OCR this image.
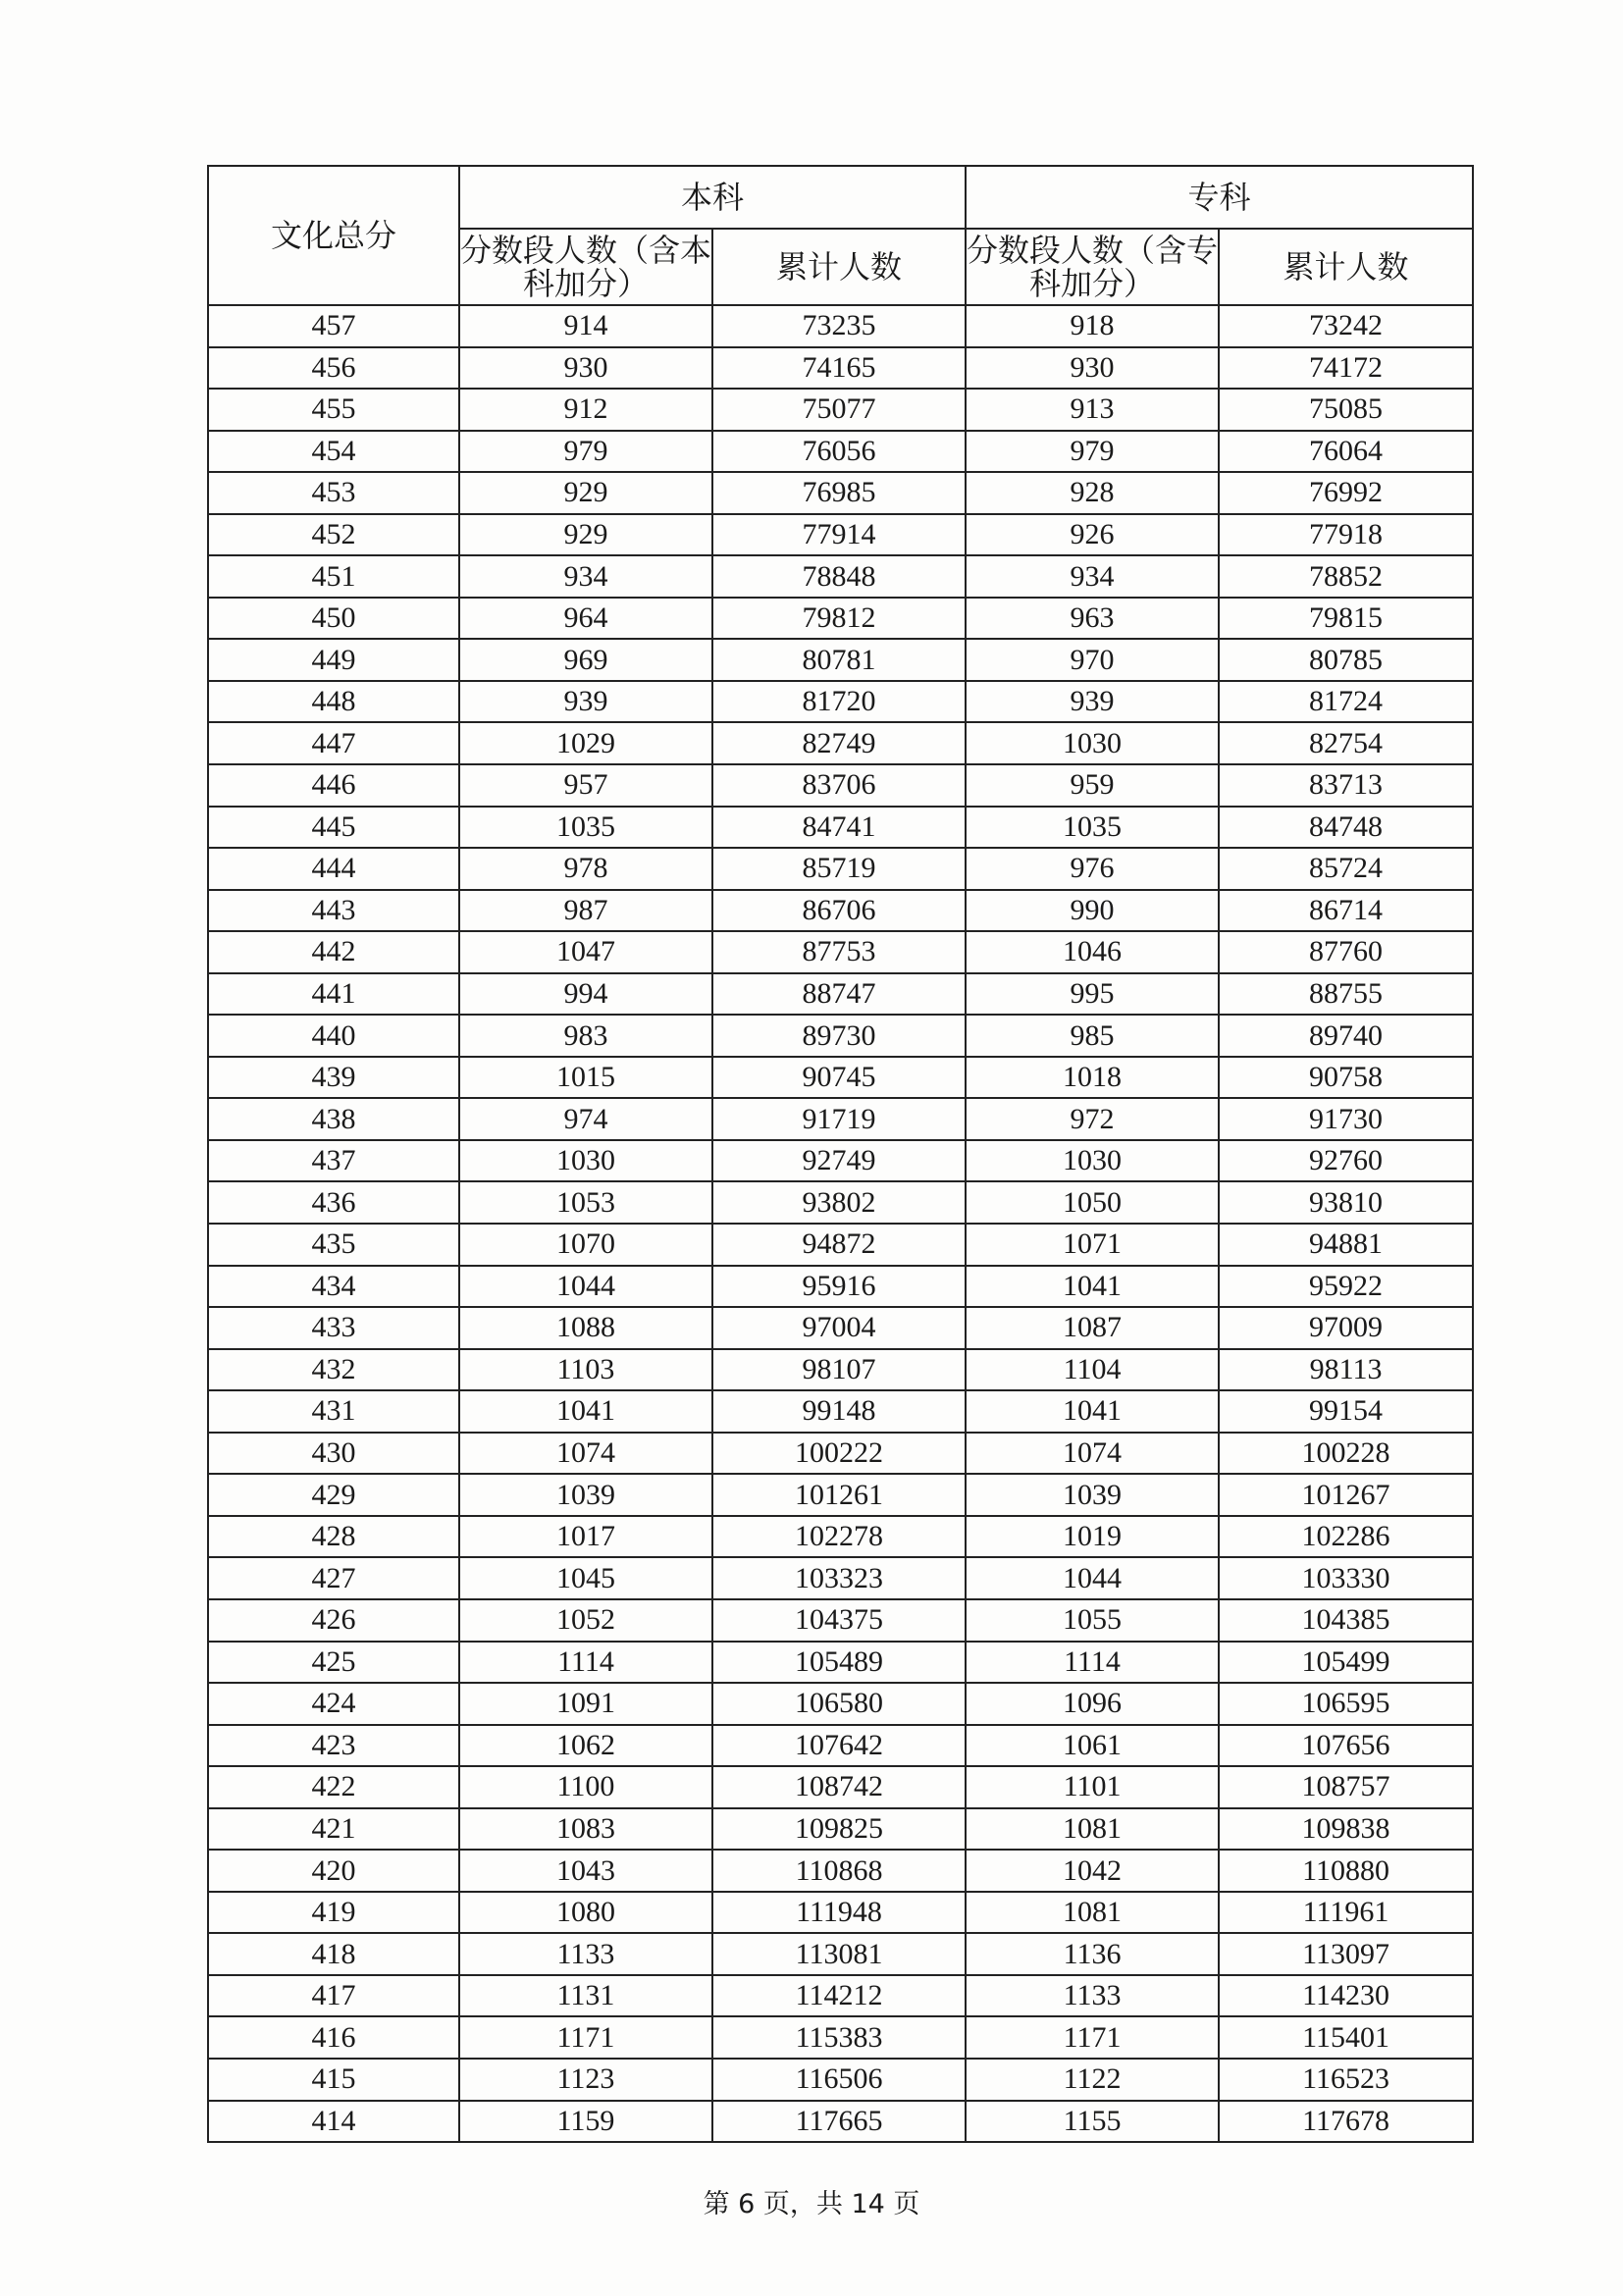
文化总分	本科		专科	
	分数段人数（含本科加分）	累计人数	分数段人数（含专科加分）	累计人数
457	914	73235	918	73242
456	930	74165	930	74172
455	912	75077	913	75085
454	979	76056	979	76064
453	929	76985	928	76992
452	929	77914	926	77918
451	934	78848	934	78852
450	964	79812	963	79815
449	969	80781	970	80785
448	939	81720	939	81724
447	1029	82749	1030	82754
446	957	83706	959	83713
445	1035	84741	1035	84748
444	978	85719	976	85724
443	987	86706	990	86714
442	1047	87753	1046	87760
441	994	88747	995	88755
440	983	89730	985	89740
439	1015	90745	1018	90758
438	974	91719	972	91730
437	1030	92749	1030	92760
436	1053	93802	1050	93810
435	1070	94872	1071	94881
434	1044	95916	1041	95922
433	1088	97004	1087	97009
432	1103	98107	1104	98113
431	1041	99148	1041	99154
430	1074	100222	1074	100228
429	1039	101261	1039	101267
428	1017	102278	1019	102286
427	1045	103323	1044	103330
426	1052	104375	1055	104385
425	1114	105489	1114	105499
424	1091	106580	1096	106595
423	1062	107642	1061	107656
422	1100	108742	1101	108757
421	1083	109825	1081	109838
420	1043	110868	1042	110880
419	1080	111948	1081	111961
418	1133	113081	1136	113097
417	1131	114212	1133	114230
416	1171	115383	1171	115401
415	1123	116506	1122	116523
414	1159	117665	1155	117678
第 6 页，共 14 页
